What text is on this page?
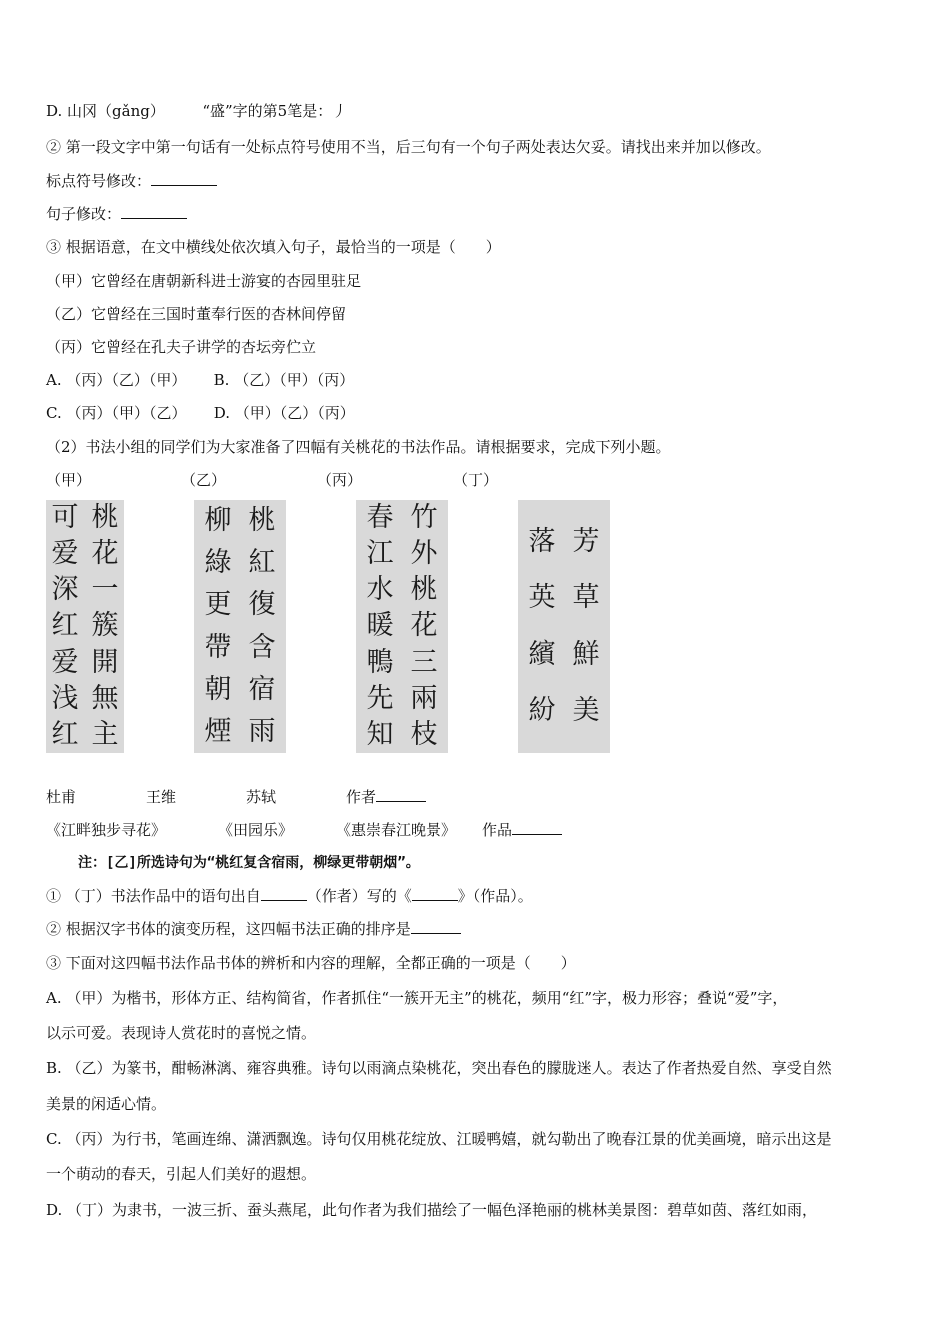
D. 山冈（gǎng）　　　“盛”字的第5笔是：丿
② 第一段文字中第一句话有一处标点符号使用不当，后三句有一个句子两处表达欠妥。请找出来并加以修改。
标点符号修改：
句子修改：
③ 根据语意，在文中横线处依次填入句子，最恰当的一项是（　　）
（甲）它曾经在唐朝新科进士游宴的杏园里驻足
（乙）它曾经在三国时董奉行医的杏林间停留
（丙）它曾经在孔夫子讲学的杏坛旁伫立
A. （丙）（乙）（甲）　　 B. （乙）（甲）（丙）
C. （丙）（甲）（乙）　　 D. （甲）（乙）（丙）
（2）书法小组的同学们为大家准备了四幅有关桃花的书法作品。请根据要求，完成下列小题。
（甲）	（乙）	（丙）	（丁）
桃
花
一
簇
開
無
主
可
爱
深
红
爱
浅
红
桃
紅
復
含
宿
雨
柳
綠
更
帶
朝
煙
竹
外
桃
花
三
兩
枝
春
江
水
暖
鴨
先
知
芳
草
鮮
美
落
英
繽
紛
杜甫	王维	苏轼	作者
《江畔独步寻花》	《田园乐》	《惠崇春江晚景》 作品
注：[乙]所选诗句为“桃红复含宿雨，柳绿更带朝烟”。
① （丁）书法作品中的语句出自	（作者）写的《	》（作品）。
② 根据汉字书体的演变历程，这四幅书法正确的排序是
③ 下面对这四幅书法作品书体的辨析和内容的理解，全都正确的一项是（　　）
A. （甲）为楷书，形体方正、结构简省，作者抓住“一簇开无主”的桃花，频用“红”字，极力形容；叠说“爱”字，
以示可爱。表现诗人赏花时的喜悦之情。
B. （乙）为篆书，酣畅淋漓、雍容典雅。诗句以雨滴点染桃花，突出春色的朦胧迷人。表达了作者热爱自然、享受自然
美景的闲适心情。
C. （丙）为行书，笔画连绵、潇洒飘逸。诗句仅用桃花绽放、江暖鸭嬉，就勾勒出了晚春江景的优美画境，暗示出这是
一个萌动的春天，引起人们美好的遐想。
D. （丁）为隶书，一波三折、蚕头燕尾，此句作者为我们描绘了一幅色泽艳丽的桃林美景图：碧草如茵、落红如雨，
